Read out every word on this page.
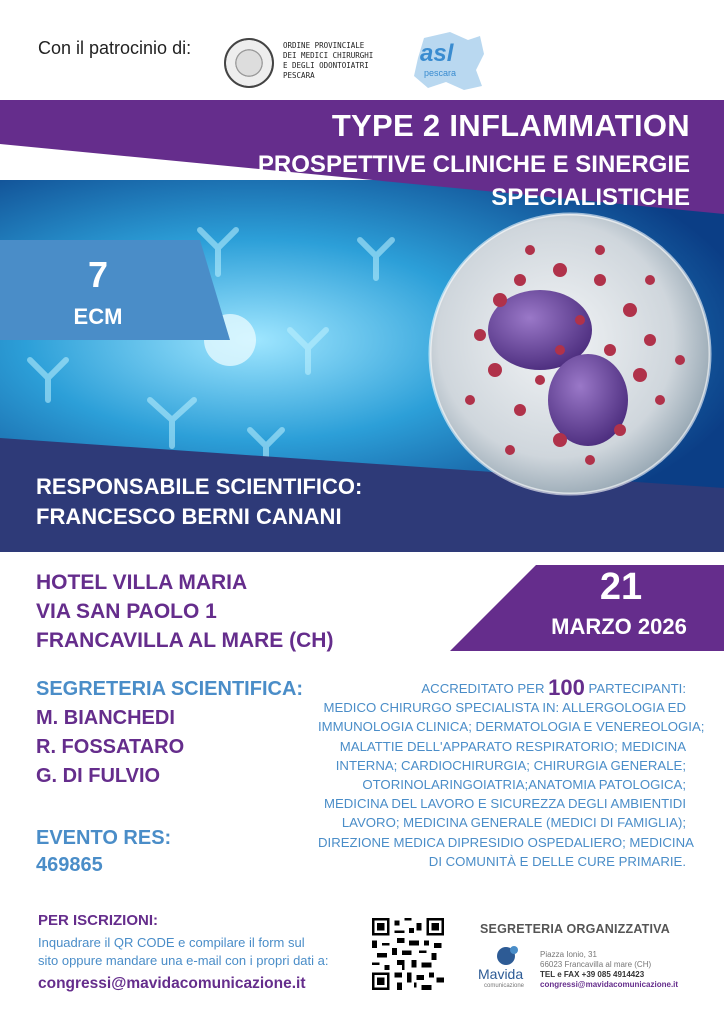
Con il patrocinio di:	ORDINE PROVINCIALE
DEI MEDICI CHIRURGHI
E DEGLI ODONTOIATRI
PESCARA
asl
pescara
TYPE 2 INFLAMMATION
PROSPETTIVE CLINICHE E SINERGIE
SPECIALISTICHE
7
ECM
RESPONSABILE SCIENTIFICO:
FRANCESCO BERNI CANANI
HOTEL VILLA MARIA
VIA SAN PAOLO 1
FRANCAVILLA AL MARE (CH)
21
MARZO 2026
SEGRETERIA SCIENTIFICA:
M. BIANCHEDI
R. FOSSATARO
G. DI FULVIO
EVENTO RES:
469865
ACCREDITATO PER 100 PARTECIPANTI:
MEDICO CHIRURGO SPECIALISTA IN: ALLERGOLOGIA ED
IMMUNOLOGIA CLINICA; DERMATOLOGIA E VENEREOLOGIA;
MALATTIE DELL'APPARATO RESPIRATORIO; MEDICINA
INTERNA; CARDIOCHIRURGIA; CHIRURGIA GENERALE;
OTORINOLARINGOIATRIA;ANATOMIA PATOLOGICA;
MEDICINA DEL LAVORO E SICUREZZA DEGLI AMBIENTIDI
LAVORO; MEDICINA GENERALE (MEDICI DI FAMIGLIA);
DIREZIONE MEDICA DIPRESIDIO OSPEDALIERO; MEDICINA
DI COMUNITÀ E DELLE CURE PRIMARIE.
PER ISCRIZIONI:
Inquadrare il QR CODE e compilare il form sul
sito oppure mandare una e-mail con i propri dati a:
congressi@mavidacomunicazione.it
SEGRETERIA ORGANIZZATIVA
Mavida
comunicazione
Piazza Ionio, 31
66023 Francavilla al mare (CH)
TEL e FAX +39 085 4914423
congressi@mavidacomunicazione.it
